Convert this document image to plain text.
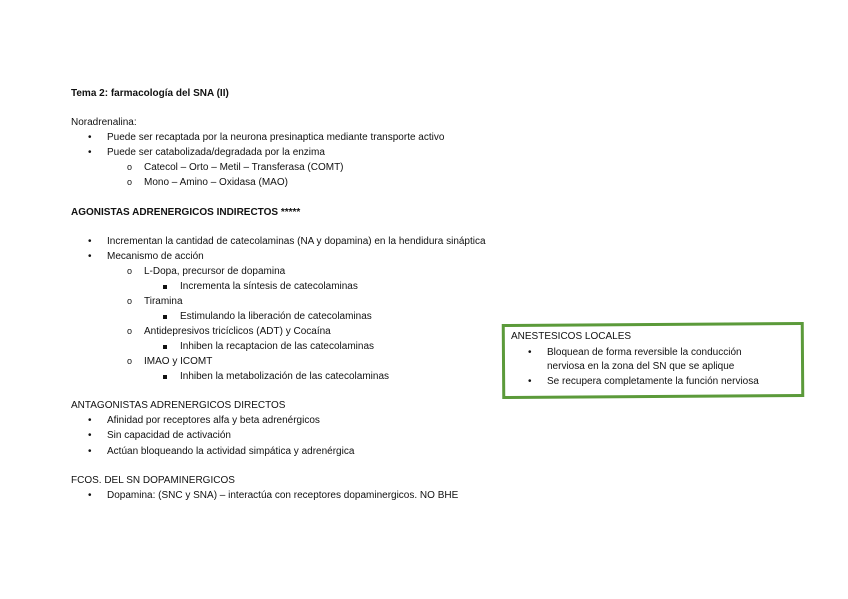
Tema 2: farmacología del SNA (II)
Noradrenalina:
• Puede ser recaptada por la neurona presinaptica mediante transporte activo
• Puede ser catabolizada/degradada por la enzima
o Catecol – Orto – Metil – Transferasa (COMT)
o Mono – Amino – Oxidasa (MAO)
AGONISTAS ADRENERGICOS INDIRECTOS *****
• Incrementan la cantidad de catecolaminas (NA y dopamina) en la hendidura sináptica
• Mecanismo de acción
o L-Dopa, precursor de dopamina
Incrementa la síntesis de catecolaminas
o Tiramina
Estimulando la liberación de catecolaminas
o Antidepresivos tricíclicos (ADT) y Cocaína
Inhiben la recaptacion de las catecolaminas
o IMAO y ICOMT
Inhiben la metabolización de las catecolaminas
ANESTESICOS LOCALES
• Bloquean de forma reversible la conducción
nerviosa en la zona del SN que se aplique
• Se recupera completamente la función nerviosa
ANTAGONISTAS ADRENERGICOS DIRECTOS
• Afinidad por receptores alfa y beta adrenérgicos
• Sin capacidad de activación
• Actúan bloqueando la actividad simpática y adrenérgica
FCOS. DEL SN DOPAMINERGICOS
• Dopamina: (SNC y SNA) – interactúa con receptores dopaminergicos. NO BHE
